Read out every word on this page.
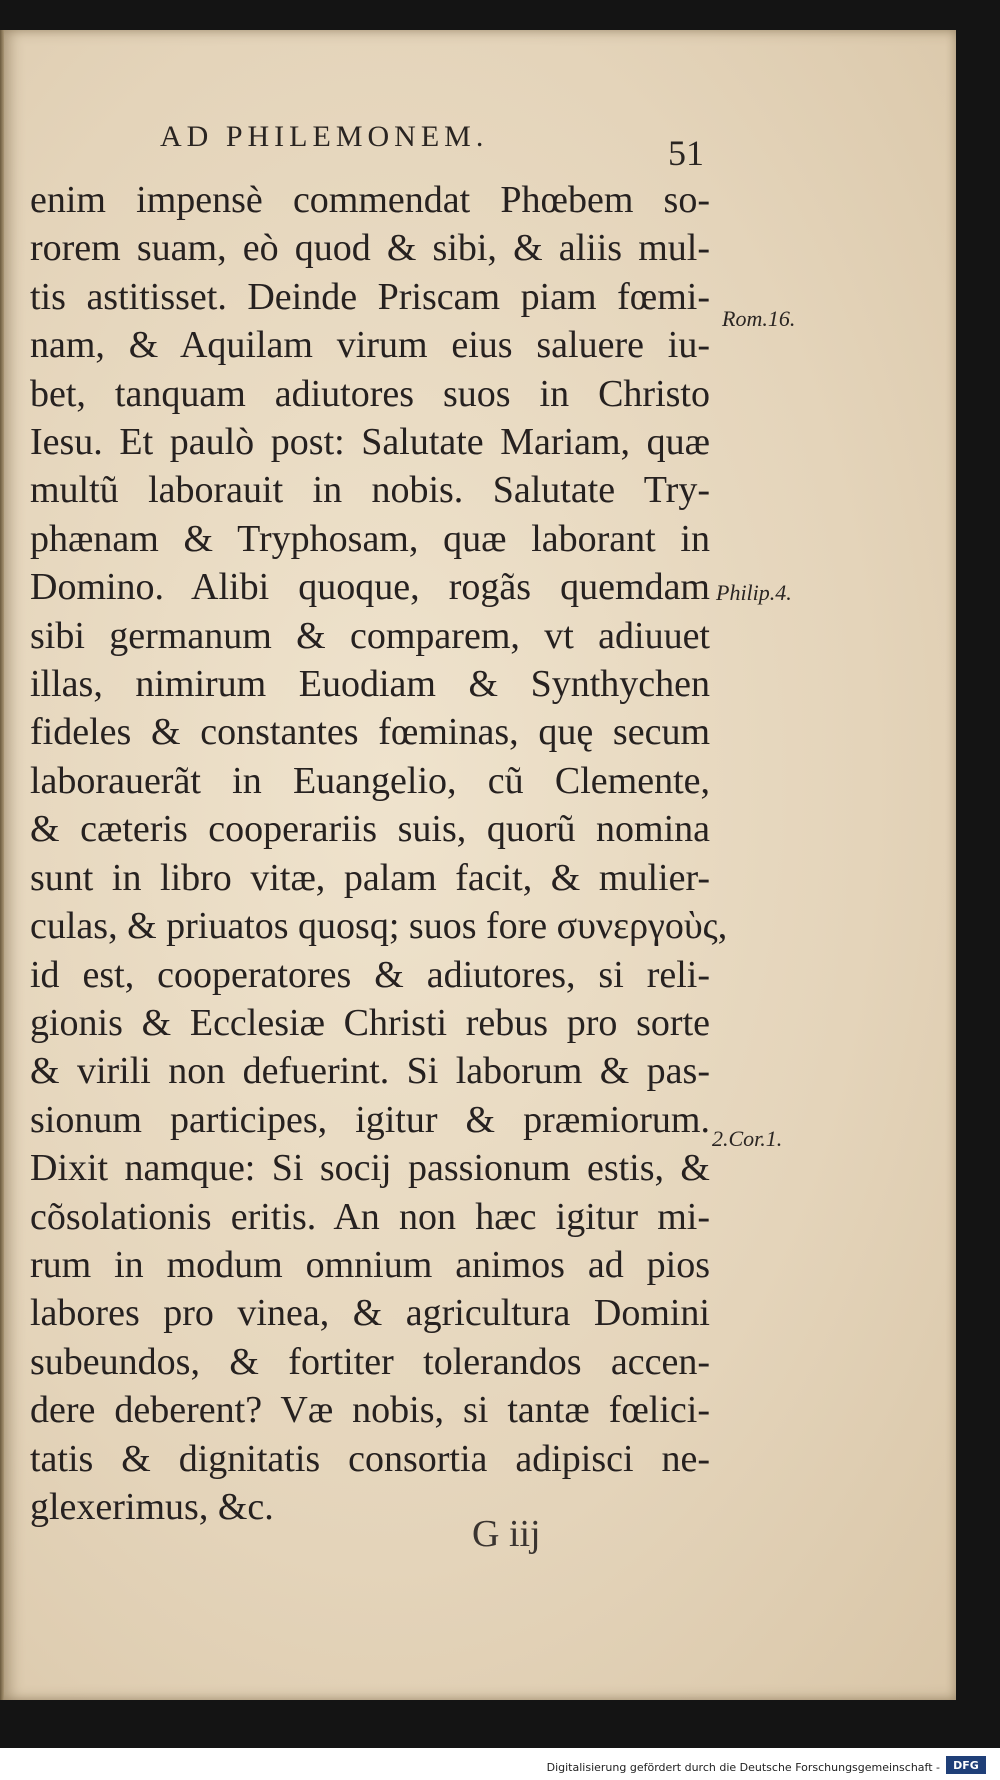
AD PHILEMONEM.	51
enim impensè commendat Phœbem so-
rorem suam, eò quod & sibi, & aliis mul-
tis astitisset. Deinde Priscam piam fœmi-
nam, & Aquilam virum eius saluere iu-
bet, tanquam adiutores suos in Christo
Iesu. Et paulò post: Salutate Mariam, quæ
multũ laborauit in nobis. Salutate Try-
phænam & Tryphosam, quæ laborant in
Domino. Alibi quoque, rogãs quemdam
sibi germanum & comparem, vt adiuuet
illas, nimirum Euodiam & Synthychen
fideles & constantes fœminas, quę secum
laborauerãt in Euangelio, cũ Clemente,
& cæteris cooperariis suis, quorũ nomina
sunt in libro vitæ, palam facit, & mulier-
culas, & priuatos quosq; suos fore συνεργοὺς,
id est, cooperatores & adiutores, si reli-
gionis & Ecclesiæ Christi rebus pro sorte
& virili non defuerint. Si laborum & pas-
sionum participes, igitur & præmiorum.
Dixit namque: Si socij passionum estis, &
cõsolationis eritis. An non hæc igitur mi-
rum in modum omnium animos ad pios
labores pro vinea, & agricultura Domini
subeundos, & fortiter tolerandos accen-
dere deberent? Væ nobis, si tantæ fœlici-
tatis & dignitatis consortia adipisci ne-
glexerimus, &c.
Rom.16.
Philip.4.
2.Cor.1.
G iij
Digitalisierung gefördert durch die Deutsche Forschungsgemeinschaft -	DFG
